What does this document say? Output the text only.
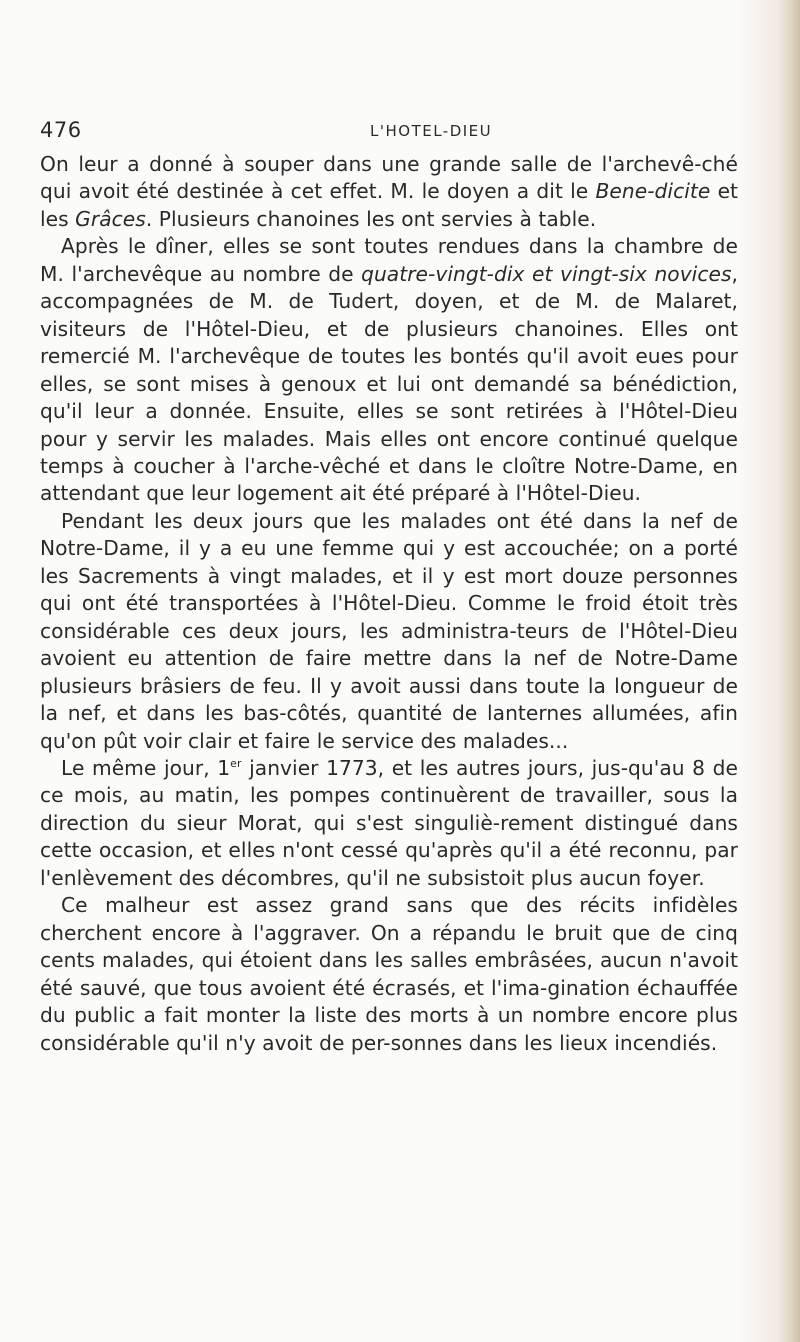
476	L'HOTEL-DIEU

On leur a donné à souper dans une grande salle de l'archevê-ché qui avoit été destinée à cet effet. M. le doyen a dit le Bene-dicite et les Grâces. Plusieurs chanoines les ont servies à table.

Après le dîner, elles se sont toutes rendues dans la chambre de M. l'archevêque au nombre de quatre-vingt-dix et vingt-six novices, accompagnées de M. de Tudert, doyen, et de M. de Malaret, visiteurs de l'Hôtel-Dieu, et de plusieurs chanoines. Elles ont remercié M. l'archevêque de toutes les bontés qu'il avoit eues pour elles, se sont mises à genoux et lui ont demandé sa bénédiction, qu'il leur a donnée. Ensuite, elles se sont retirées à l'Hôtel-Dieu pour y servir les malades. Mais elles ont encore continué quelque temps à coucher à l'arche-vêché et dans le cloître Notre-Dame, en attendant que leur logement ait été préparé à l'Hôtel-Dieu.

Pendant les deux jours que les malades ont été dans la nef de Notre-Dame, il y a eu une femme qui y est accouchée; on a porté les Sacrements à vingt malades, et il y est mort douze personnes qui ont été transportées à l'Hôtel-Dieu. Comme le froid étoit très considérable ces deux jours, les administra-teurs de l'Hôtel-Dieu avoient eu attention de faire mettre dans la nef de Notre-Dame plusieurs brâsiers de feu. Il y avoit aussi dans toute la longueur de la nef, et dans les bas-côtés, quantité de lanternes allumées, afin qu'on pût voir clair et faire le service des malades...

Le même jour, 1er janvier 1773, et les autres jours, jus-qu'au 8 de ce mois, au matin, les pompes continuèrent de travailler, sous la direction du sieur Morat, qui s'est singuliè-rement distingué dans cette occasion, et elles n'ont cessé qu'après qu'il a été reconnu, par l'enlèvement des décombres, qu'il ne subsistoit plus aucun foyer.

Ce malheur est assez grand sans que des récits infidèles cherchent encore à l'aggraver. On a répandu le bruit que de cinq cents malades, qui étoient dans les salles embrâsées, aucun n'avoit été sauvé, que tous avoient été écrasés, et l'ima-gination échauffée du public a fait monter la liste des morts à un nombre encore plus considérable qu'il n'y avoit de per-sonnes dans les lieux incendiés.
